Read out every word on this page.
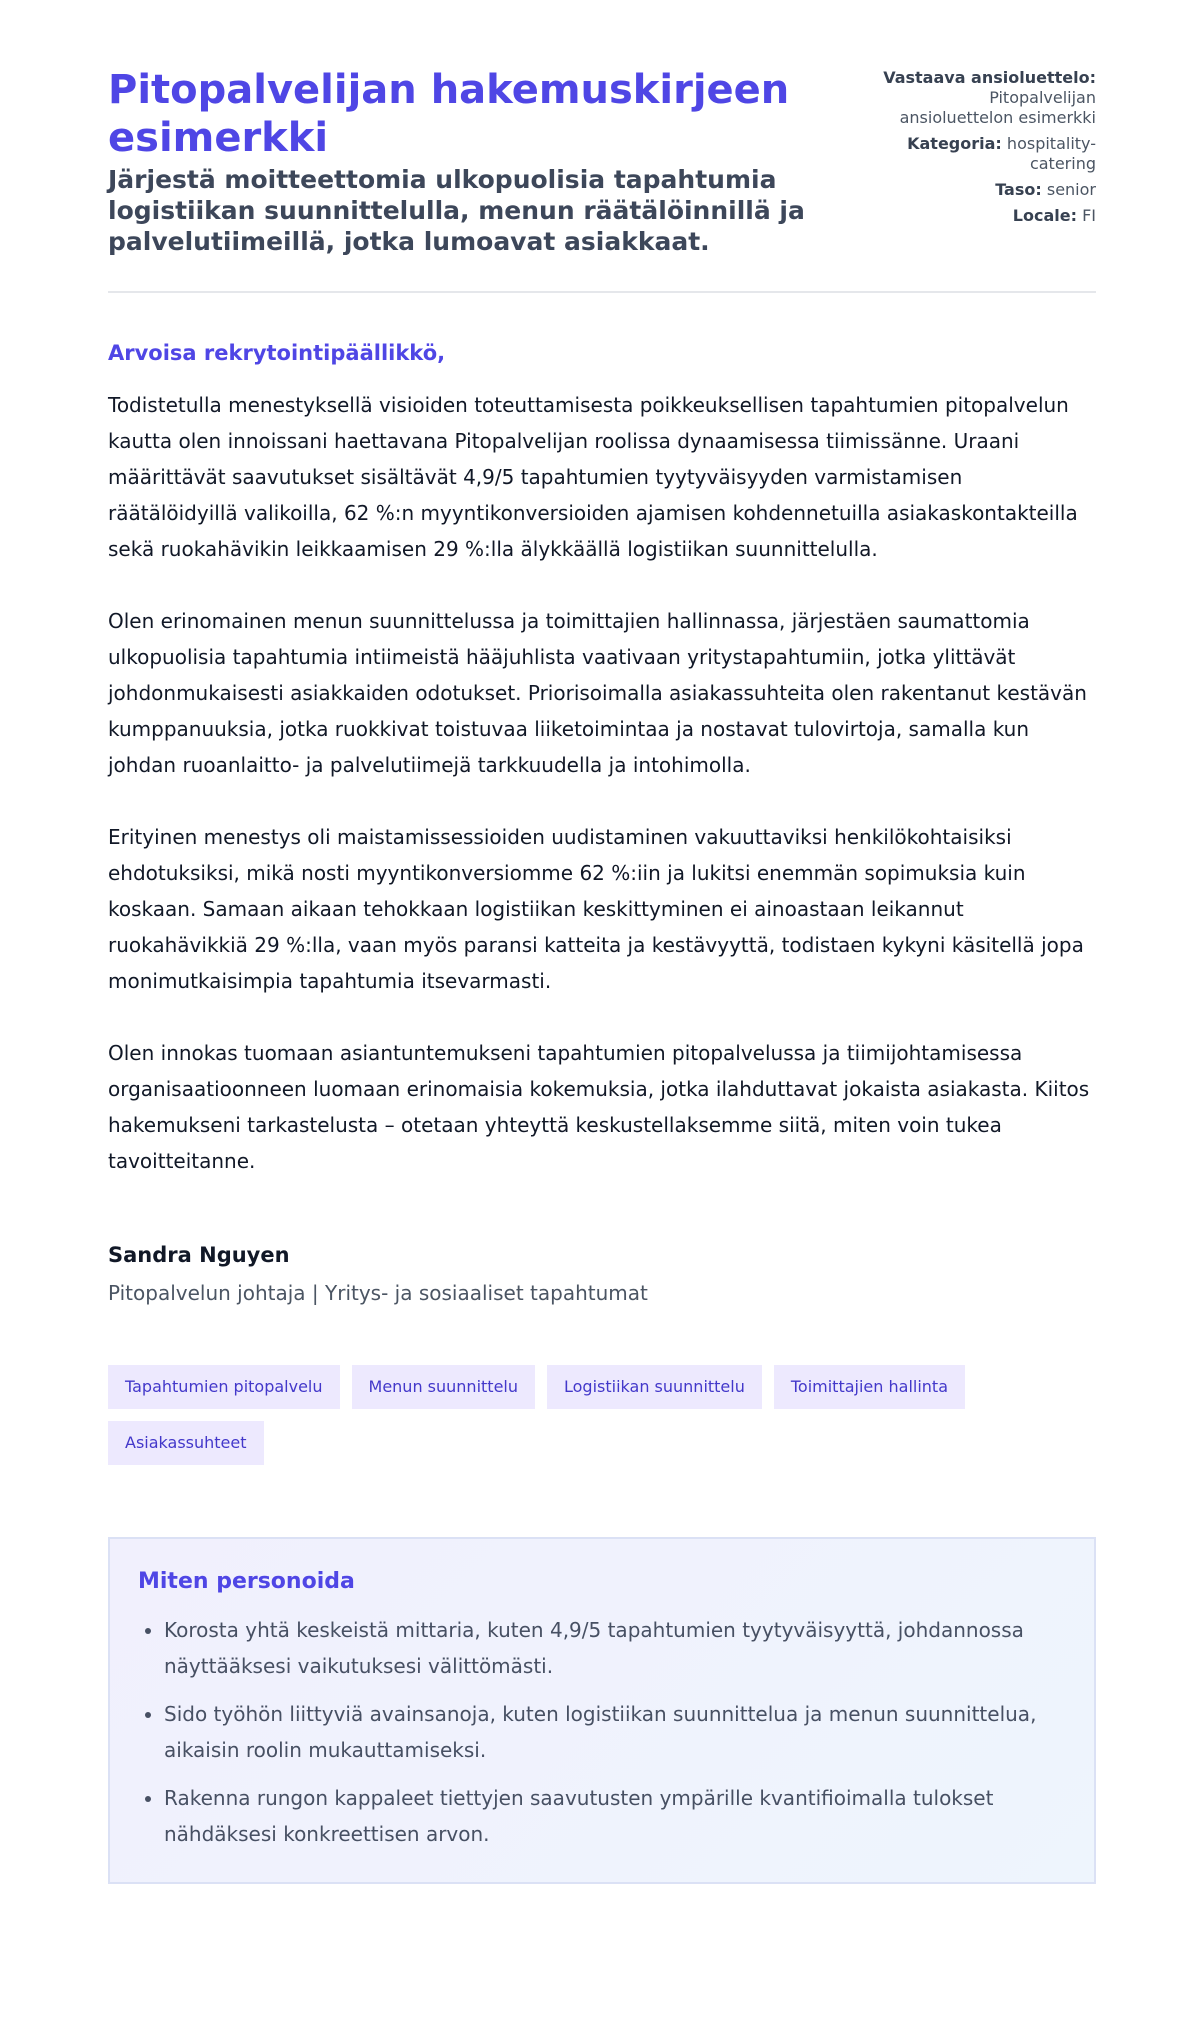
Pitopalvelijan hakemuskirjeen esimerkki

Järjestä moitteettomia ulkopuolisia tapahtumia logistiikan suunnittelulla, menun räätälöinnillä ja palvelutiimeillä, jotka lumoavat asiakkaat.

Vastaava ansioluettelo: Pitopalvelijan ansioluettelon esimerkki
Kategoria: hospitality-catering
Taso: senior
Locale: FI
Arvoisa rekrytointipäällikkö,

Todistetulla menestyksellä visioiden toteuttamisesta poikkeuksellisen tapahtumien pitopalvelun kautta olen innoissani haettavana Pitopalvelijan roolissa dynaamisessa tiimissänne. Uraani määrittävät saavutukset sisältävät 4,9/5 tapahtumien tyytyväisyyden varmistamisen räätälöidyillä valikoilla, 62 %:n myyntikonversioiden ajamisen kohdennetuilla asiakaskontakteilla sekä ruokahävikin leikkaamisen 29 %:lla älykkäällä logistiikan suunnittelulla.

Olen erinomainen menun suunnittelussa ja toimittajien hallinnassa, järjestäen saumattomia ulkopuolisia tapahtumia intiimeistä hääjuhlista vaativaan yritystapahtumiin, jotka ylittävät johdonmukaisesti asiakkaiden odotukset. Priorisoimalla asiakassuhteita olen rakentanut kestävän kumppanuuksia, jotka ruokkivat toistuvaa liiketoimintaa ja nostavat tulovirtoja, samalla kun johdan ruoanlaitto- ja palvelutiimejä tarkkuudella ja intohimolla.

Erityinen menestys oli maistamissessioiden uudistaminen vakuuttaviksi henkilökohtaisiksi ehdotuksiksi, mikä nosti myyntikonversiomme 62 %:iin ja lukitsi enemmän sopimuksia kuin koskaan. Samaan aikaan tehokkaan logistiikan keskittyminen ei ainoastaan leikannut ruokahävikkiä 29 %:lla, vaan myös paransi katteita ja kestävyyttä, todistaen kykyni käsitellä jopa monimutkaisimpia tapahtumia itsevarmasti.

Olen innokas tuomaan asiantuntemukseni tapahtumien pitopalvelussa ja tiimijohtamisessa organisaatioonneen luomaan erinomaisia kokemuksia, jotka ilahduttavat jokaista asiakasta. Kiitos hakemukseni tarkastelusta – otetaan yhteyttä keskustellaksemme siitä, miten voin tukea tavoitteitanne.

Sandra Nguyen
Pitopalvelun johtaja | Yritys- ja sosiaaliset tapahtumat
Tapahtumien pitopalvelu	Menun suunnittelu	Logistiikan suunnittelu	Toimittajien hallinta
Asiakassuhteet
Miten personoida
• Korosta yhtä keskeistä mittaria, kuten 4,9/5 tapahtumien tyytyväisyyttä, johdannossa näyttääksesi vaikutuksesi välittömästi.
• Sido työhön liittyviä avainsanoja, kuten logistiikan suunnittelua ja menun suunnittelua, aikaisin roolin mukauttamiseksi.
• Rakenna rungon kappaleet tiettyjen saavutusten ympärille kvantifioimalla tulokset nähdäksesi konkreettisen arvon.
